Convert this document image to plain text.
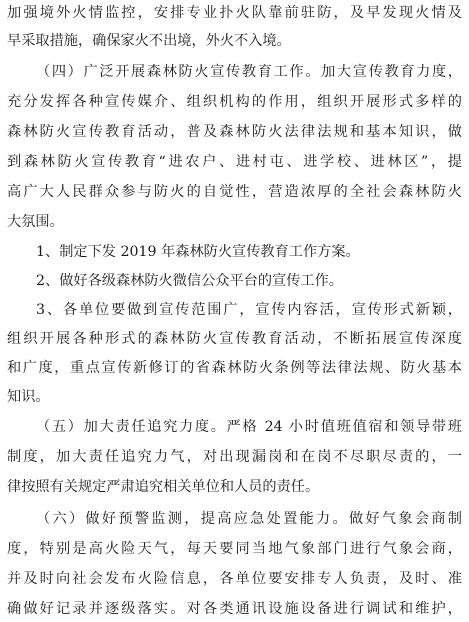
加强境外火情监控，安排专业扑火队靠前驻防，及早发现火情及
早采取措施，确保家火不出境，外火不入境。
（四）广泛开展森林防火宣传教育工作。加大宣传教育力度，
充分发挥各种宣传媒介、组织机构的作用，组织开展形式多样的
森林防火宣传教育活动，普及森林防火法律法规和基本知识，做
到森林防火宣传教育“进农户、进村屯、进学校、进林区”，提
高广大人民群众参与防火的自觉性，营造浓厚的全社会森林防火
大氛围。
1、制定下发 2019 年森林防火宣传教育工作方案。
2、做好各级森林防火微信公众平台的宣传工作。
3、各单位要做到宣传范围广，宣传内容活，宣传形式新颖，
组织开展各种形式的森林防火宣传教育活动，不断拓展宣传深度
和广度，重点宣传新修订的省森林防火条例等法律法规、防火基本
知识。
（五）加大责任追究力度。严格 24 小时值班值宿和领导带班
制度，加大责任追究力气，对出现漏岗和在岗不尽职尽责的，一
律按照有关规定严肃追究相关单位和人员的责任。
（六）做好预警监测，提高应急处置能力。做好气象会商制
度，特别是高火险天气，每天要同当地气象部门进行气象会商，
并及时向社会发布火险信息，各单位要安排专人负责，及时、准
确做好记录并逐级落实。对各类通讯设施设备进行调试和维护，
